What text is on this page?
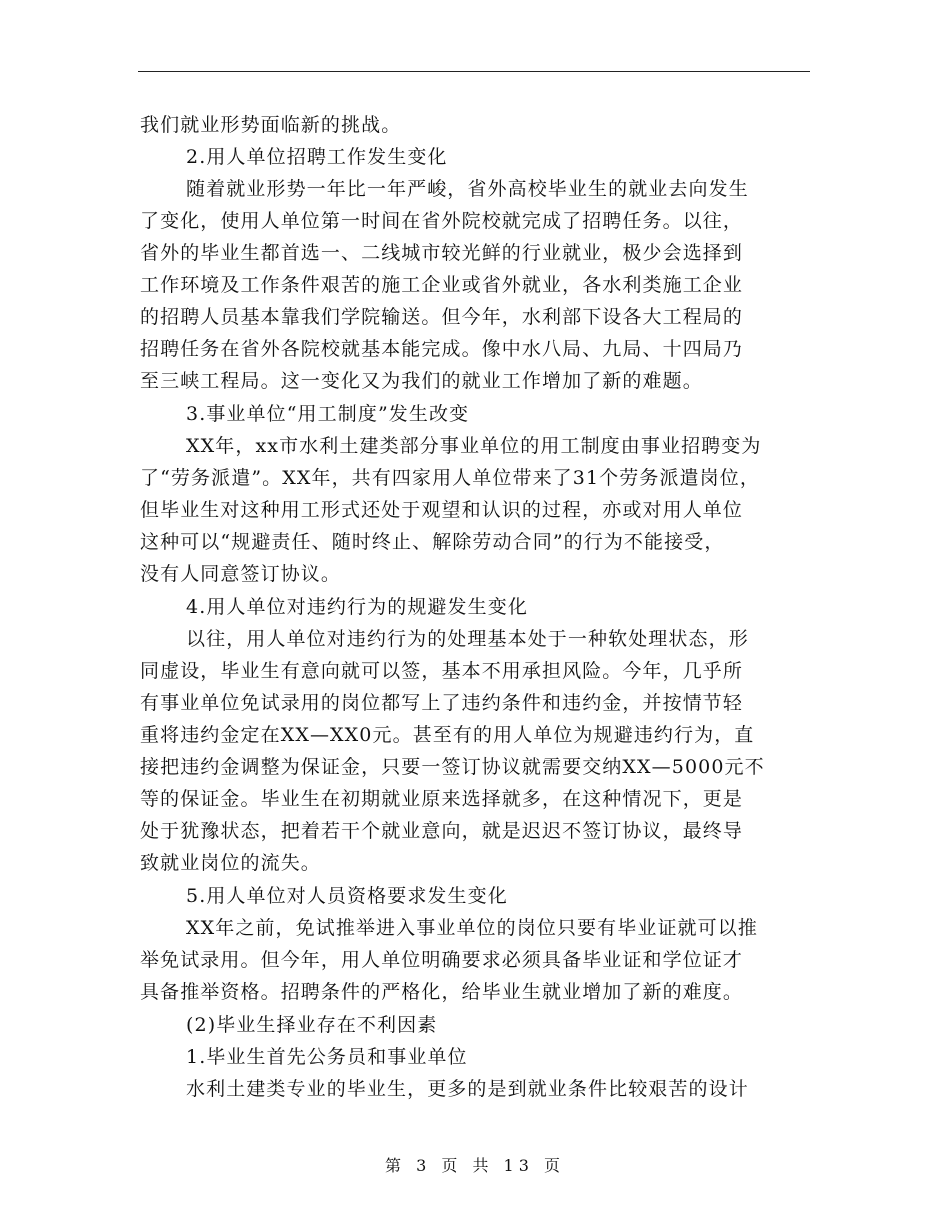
我们就业形势面临新的挑战。
2.用人单位招聘工作发生变化
随着就业形势一年比一年严峻，省外高校毕业生的就业去向发生
了变化，使用人单位第一时间在省外院校就完成了招聘任务。以往，
省外的毕业生都首选一、二线城市较光鲜的行业就业，极少会选择到
工作环境及工作条件艰苦的施工企业或省外就业，各水利类施工企业
的招聘人员基本靠我们学院输送。但今年，水利部下设各大工程局的
招聘任务在省外各院校就基本能完成。像中水八局、九局、十四局乃
至三峡工程局。这一变化又为我们的就业工作增加了新的难题。
3.事业单位“用工制度”发生改变
XX年，xx市水利土建类部分事业单位的用工制度由事业招聘变为
了“劳务派遣”。XX年，共有四家用人单位带来了31个劳务派遣岗位，
但毕业生对这种用工形式还处于观望和认识的过程，亦或对用人单位
这种可以“规避责任、随时终止、解除劳动合同”的行为不能接受，
没有人同意签订协议。
4.用人单位对违约行为的规避发生变化
以往，用人单位对违约行为的处理基本处于一种软处理状态，形
同虚设，毕业生有意向就可以签，基本不用承担风险。今年，几乎所
有事业单位免试录用的岗位都写上了违约条件和违约金，并按情节轻
重将违约金定在XX—XX0元。甚至有的用人单位为规避违约行为，直
接把违约金调整为保证金，只要一签订协议就需要交纳XX—5000元不
等的保证金。毕业生在初期就业原来选择就多，在这种情况下，更是
处于犹豫状态，把着若干个就业意向，就是迟迟不签订协议，最终导
致就业岗位的流失。
5.用人单位对人员资格要求发生变化
XX年之前，免试推举进入事业单位的岗位只要有毕业证就可以推
举免试录用。但今年，用人单位明确要求必须具备毕业证和学位证才
具备推举资格。招聘条件的严格化，给毕业生就业增加了新的难度。
(2)毕业生择业存在不利因素
1.毕业生首先公务员和事业单位
水利土建类专业的毕业生，更多的是到就业条件比较艰苦的设计
第 3 页 共 13 页
